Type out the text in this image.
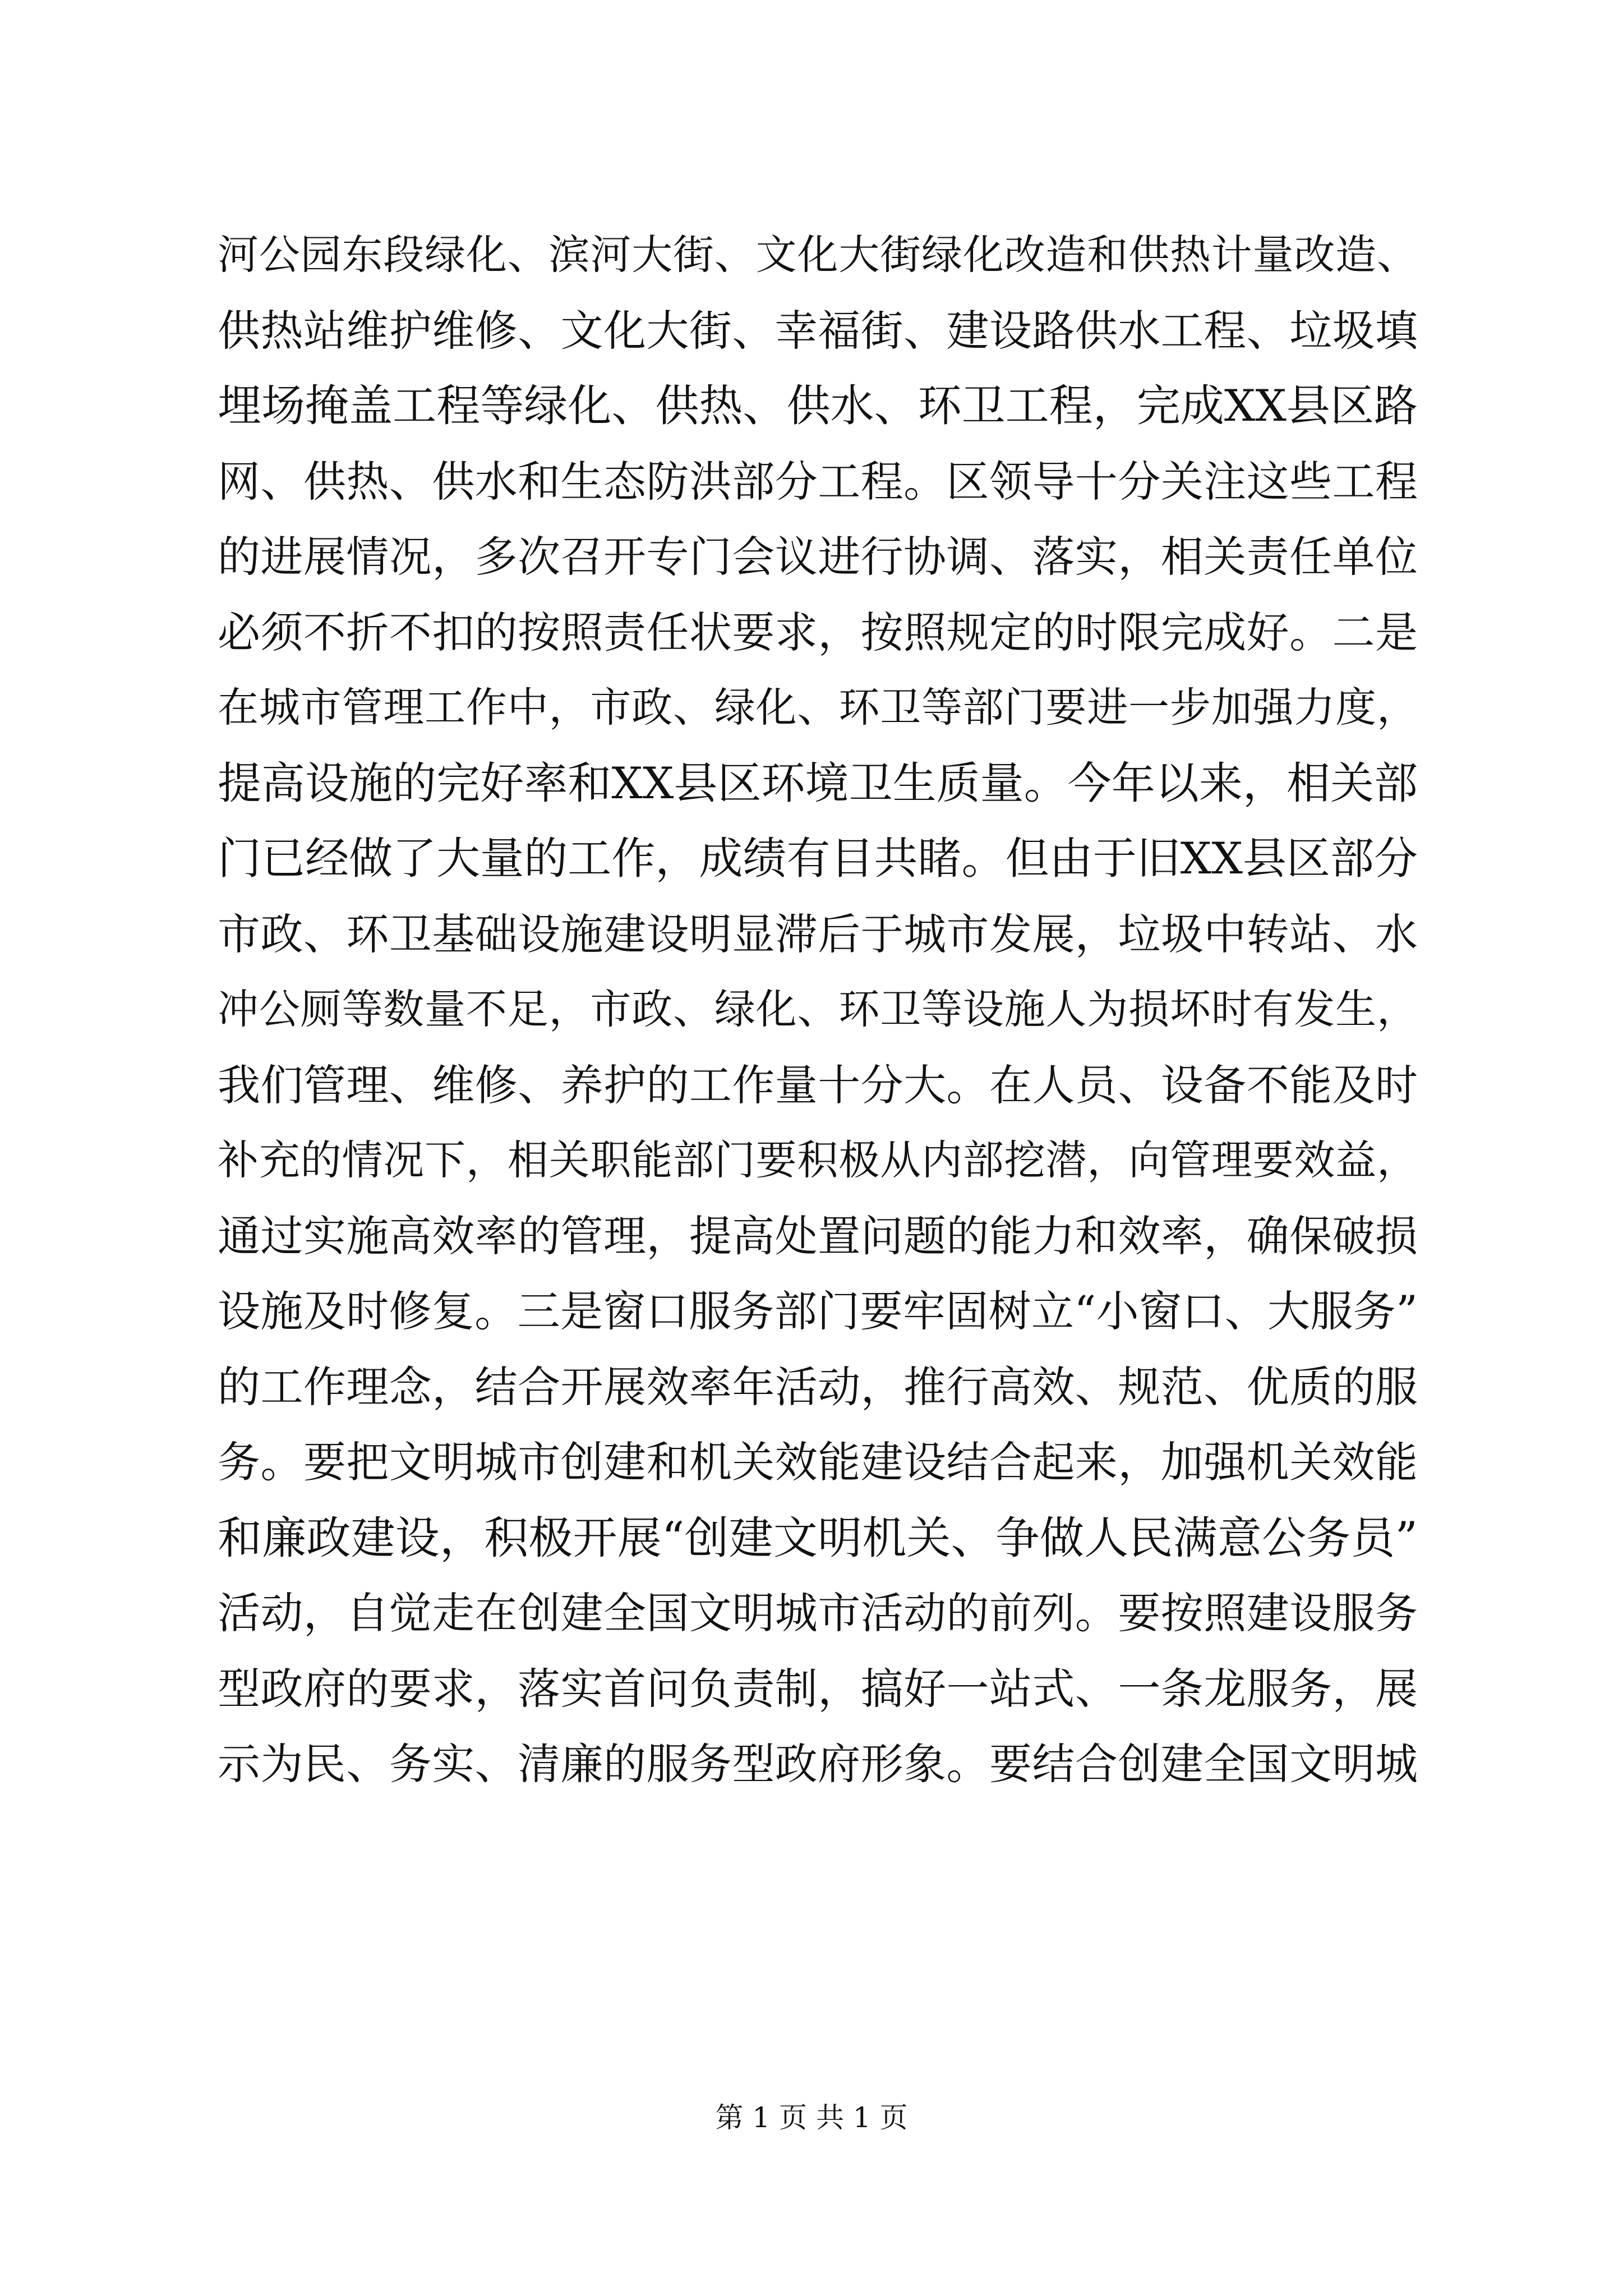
河公园东段绿化、滨河大街、文化大街绿化改造和供热计量改造、
供热站维护维修、文化大街、幸福街、建设路供水工程、垃圾填
埋场掩盖工程等绿化、供热、供水、环卫工程，完成XX县区路
网、供热、供水和生态防洪部分工程。区领导十分关注这些工程
的进展情况，多次召开专门会议进行协调、落实，相关责任单位
必须不折不扣的按照责任状要求，按照规定的时限完成好。二是
在城市管理工作中，市政、绿化、环卫等部门要进一步加强力度，
提高设施的完好率和XX县区环境卫生质量。今年以来，相关部
门已经做了大量的工作，成绩有目共睹。但由于旧XX县区部分
市政、环卫基础设施建设明显滞后于城市发展，垃圾中转站、水
冲公厕等数量不足，市政、绿化、环卫等设施人为损坏时有发生，
我们管理、维修、养护的工作量十分大。在人员、设备不能及时
补充的情况下，相关职能部门要积极从内部挖潜，向管理要效益，
通过实施高效率的管理，提高处置问题的能力和效率，确保破损
设施及时修复。三是窗口服务部门要牢固树立“小窗口、大服务”
的工作理念，结合开展效率年活动，推行高效、规范、优质的服
务。要把文明城市创建和机关效能建设结合起来，加强机关效能
和廉政建设，积极开展“创建文明机关、争做人民满意公务员”
活动，自觉走在创建全国文明城市活动的前列。要按照建设服务
型政府的要求，落实首问负责制，搞好一站式、一条龙服务，展
示为民、务实、清廉的服务型政府形象。要结合创建全国文明城
第 1 页 共 1 页
